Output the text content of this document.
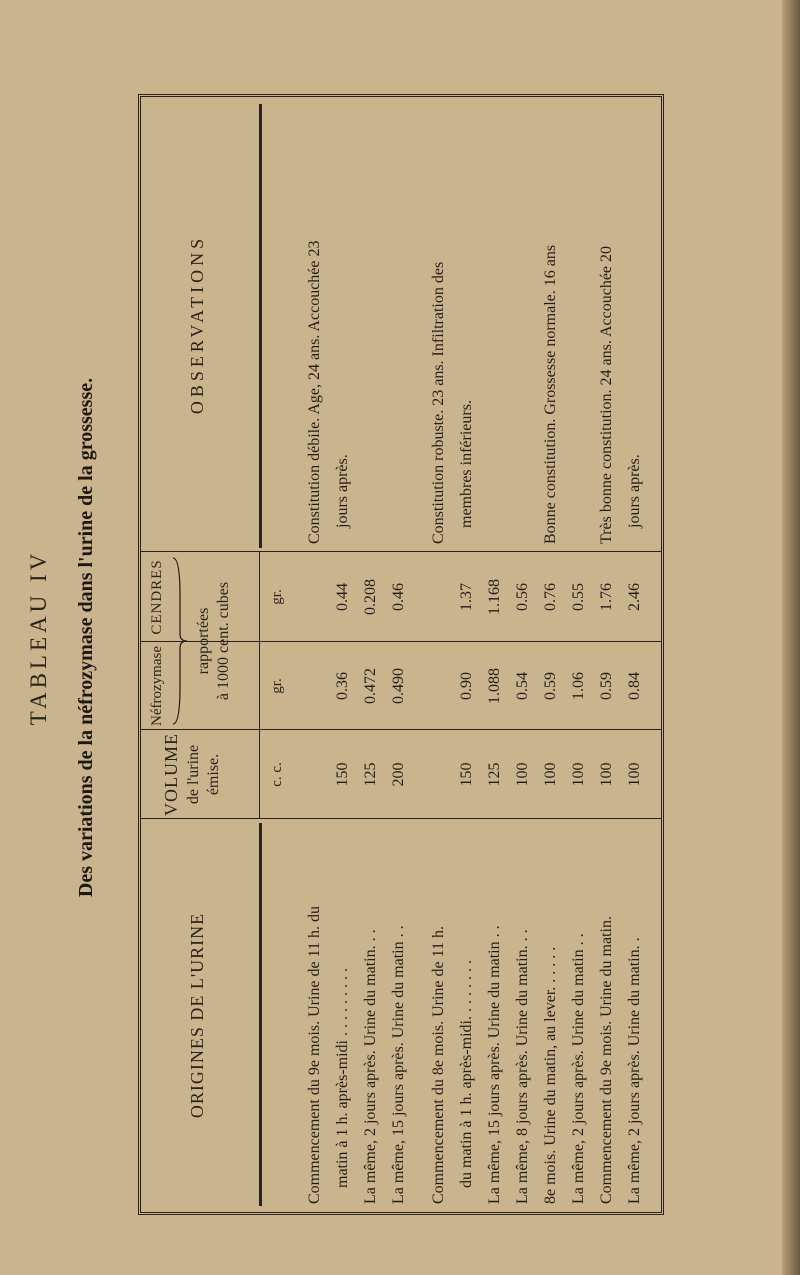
TABLEAU IV Des variations de la néfrozymase dans l'urine de la grossesse.
ORIGINES DE L'URINE
VOLUME de l'urine émise.
Néfrozymase
CENDRES
rapportées à 1000 cent. cubes
OBSERVATIONS
c. c.
gr.
gr.
Commencement du 9e mois. Urine de 11 h. du
Constitution débile. Age, 24 ans. Accouchée 23
matin à 1 h. après-midi . . . . . . . . .
150
0.36
0.44
jours après.
La même, 2 jours après. Urine du matin. . .
125
0.472
0.208
La même, 15 jours après. Urine du matin . .
200
0.490
0.46
Commencement du 8e mois. Urine de 11 h.
Constitution robuste. 23 ans. Infiltration des
du matin à 1 h. après-midi. . . . . . . .
150
0.90
1.37
membres inférieurs.
La même, 15 jours après. Urine du matin . .
125
1.088
1.168
La même, 8 jours après. Urine du matin. . .
100
0.54
0.56
8e mois. Urine du matin, au lever. . . . . .
100
0.59
0.76
Bonne constitution. Grossesse normale. 16 ans
La même, 2 jours après. Urine du matin . .
100
1.06
0.55
Commencement du 9e mois. Urine du matin.
100
0.59
1.76
Très bonne constitution. 24 ans. Accouchée 20
La même, 2 jours après. Urine du matin. .
100
0.84
2.46
jours après.
